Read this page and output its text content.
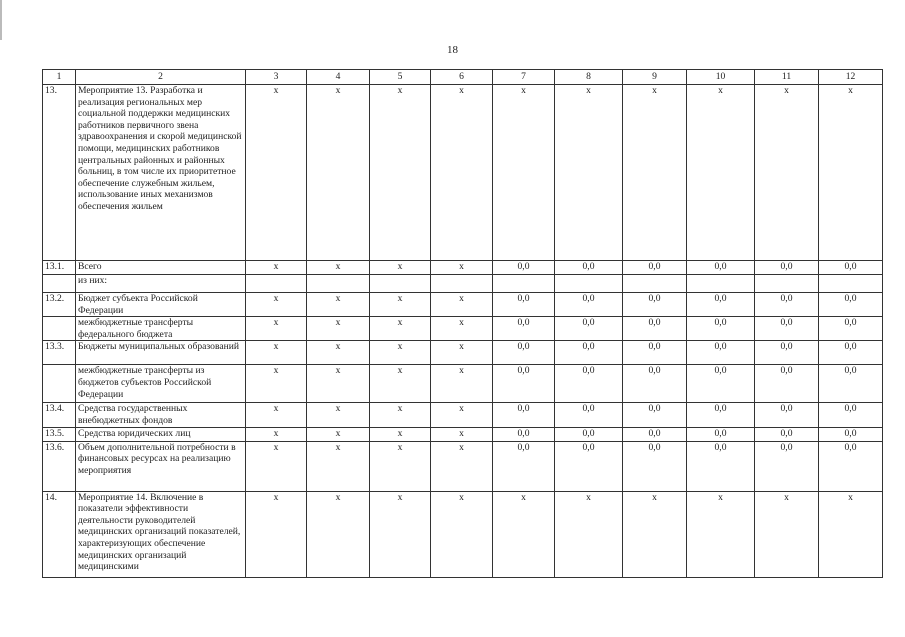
18
1	2	3	4	5	6	7	8	9	10	11	12
13.	Мероприятие 13. Разработка и реализация региональных мер социальной поддержки медицинских работников первичного звена здравоохранения и скорой медицинской помощи, медицинских работников центральных районных и районных больниц, в том числе их приоритетное обеспечение служебным жильем, использование иных механизмов обеспечения жильем	x	x	x	x	x	x	x	x	x	x
13.1.	Всего	x	x	x	x	0,0	0,0	0,0	0,0	0,0	0,0
	из них:										
13.2.	Бюджет субъекта Российской Федерации	x	x	x	x	0,0	0,0	0,0	0,0	0,0	0,0
	межбюджетные трансферты федерального бюджета	x	x	x	x	0,0	0,0	0,0	0,0	0,0	0,0
13.3.	Бюджеты муниципальных образований	x	x	x	x	0,0	0,0	0,0	0,0	0,0	0,0
	межбюджетные трансферты из бюджетов субъектов Российской Федерации	x	x	x	x	0,0	0,0	0,0	0,0	0,0	0,0
13.4.	Средства государственных внебюджетных фондов	x	x	x	x	0,0	0,0	0,0	0,0	0,0	0,0
13.5.	Средства юридических лиц	x	x	x	x	0,0	0,0	0,0	0,0	0,0	0,0
13.6.	Объем дополнительной потребности в финансовых ресурсах на реализацию мероприятия	x	x	x	x	0,0	0,0	0,0	0,0	0,0	0,0
14.	Мероприятие 14. Включение в показатели эффективности деятельности руководителей медицинских организаций показателей, характеризующих обеспечение медицинских организаций медицинскими	x	x	x	x	x	x	x	x	x	x
